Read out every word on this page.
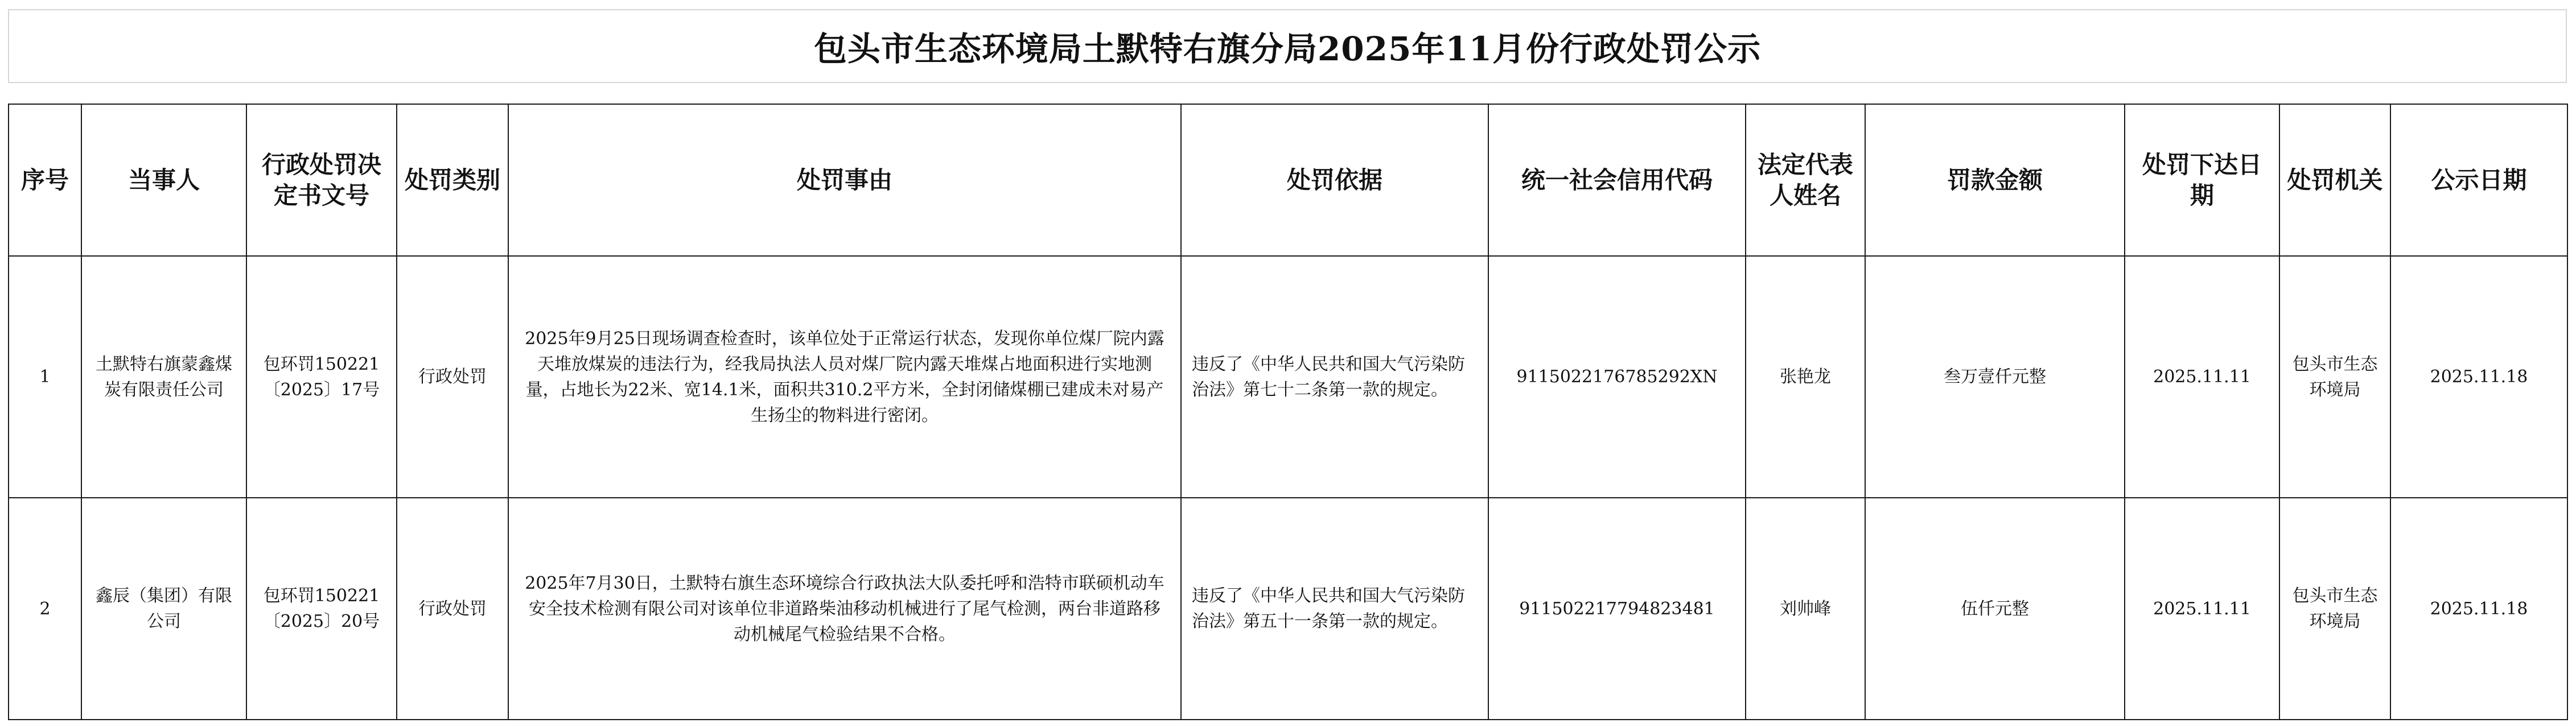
包头市生态环境局土默特右旗分局2025年11月份行政处罚公示
序号	当事人	行政处罚决定书文号	处罚类别	处罚事由	处罚依据	统一社会信用代码	法定代表人姓名	罚款金额	处罚下达日期	处罚机关	公示日期
1	土默特右旗蒙鑫煤炭有限责任公司	包环罚150221〔2025〕17号	行政处罚	2025年9月25日现场调查检查时，该单位处于正常运行状态，发现你单位煤厂院内露天堆放煤炭的违法行为，经我局执法人员对煤厂院内露天堆煤占地面积进行实地测量，占地长为22米、宽14.1米，面积共310.2平方米，全封闭储煤棚已建成未对易产生扬尘的物料进行密闭。	违反了《中华人民共和国大气污染防治法》第七十二条第一款的规定。	9115022176785292XN	张艳龙	叁万壹仟元整	2025.11.11	包头市生态环境局	2025.11.18
2	鑫辰（集团）有限公司	包环罚150221〔2025〕20号	行政处罚	2025年7月30日，土默特右旗生态环境综合行政执法大队委托呼和浩特市联硕机动车安全技术检测有限公司对该单位非道路柴油移动机械进行了尾气检测，两台非道路移动机械尾气检验结果不合格。	违反了《中华人民共和国大气污染防治法》第五十一条第一款的规定。	911502217794823481	刘帅峰	伍仟元整	2025.11.11	包头市生态环境局	2025.11.18
